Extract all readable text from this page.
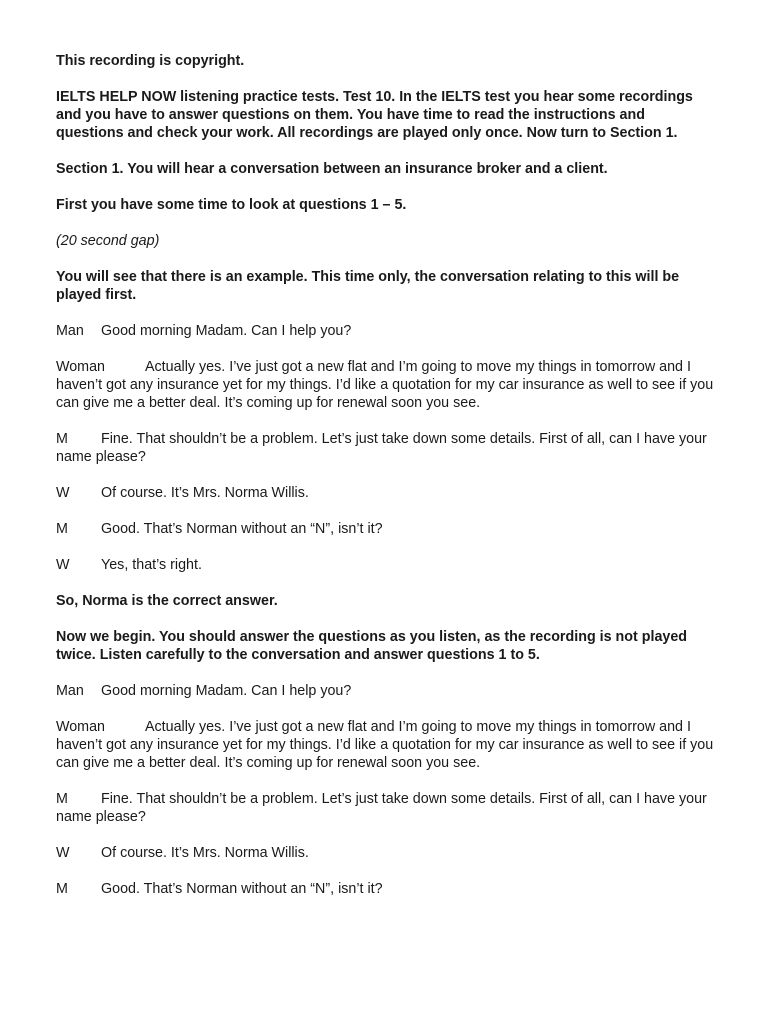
This recording is copyright.

IELTS HELP NOW listening practice tests. Test 10. In the IELTS test you hear some recordings and you have to answer questions on them. You have time to read the instructions and questions and check your work. All recordings are played only once. Now turn to Section 1.

Section 1. You will hear a conversation between an insurance broker and a client.

First you have some time to look at questions 1 – 5.

(20 second gap)

You will see that there is an example. This time only, the conversation relating to this will be played first.

Man Good morning Madam. Can I help you?

Woman	Actually yes. I’ve just got a new flat and I’m going to move my things in tomorrow and I haven’t got any insurance yet for my things. I’d like a quotation for my car insurance as well to see if you can give me a better deal. It’s coming up for renewal soon you see.

M Fine. That shouldn’t be a problem. Let’s just take down some details. First of all, can I have your name please?

W Of course. It’s Mrs. Norma Willis.

M Good. That’s Norman without an “N”, isn’t it?

W Yes, that’s right.

So, Norma is the correct answer.

Now we begin. You should answer the questions as you listen, as the recording is not played twice. Listen carefully to the conversation and answer questions 1 to 5.

Man Good morning Madam. Can I help you?

Woman	Actually yes. I’ve just got a new flat and I’m going to move my things in tomorrow and I haven’t got any insurance yet for my things. I’d like a quotation for my car insurance as well to see if you can give me a better deal. It’s coming up for renewal soon you see.

M Fine. That shouldn’t be a problem. Let’s just take down some details. First of all, can I have your name please?

W Of course. It’s Mrs. Norma Willis.

M Good. That’s Norman without an “N”, isn’t it?
